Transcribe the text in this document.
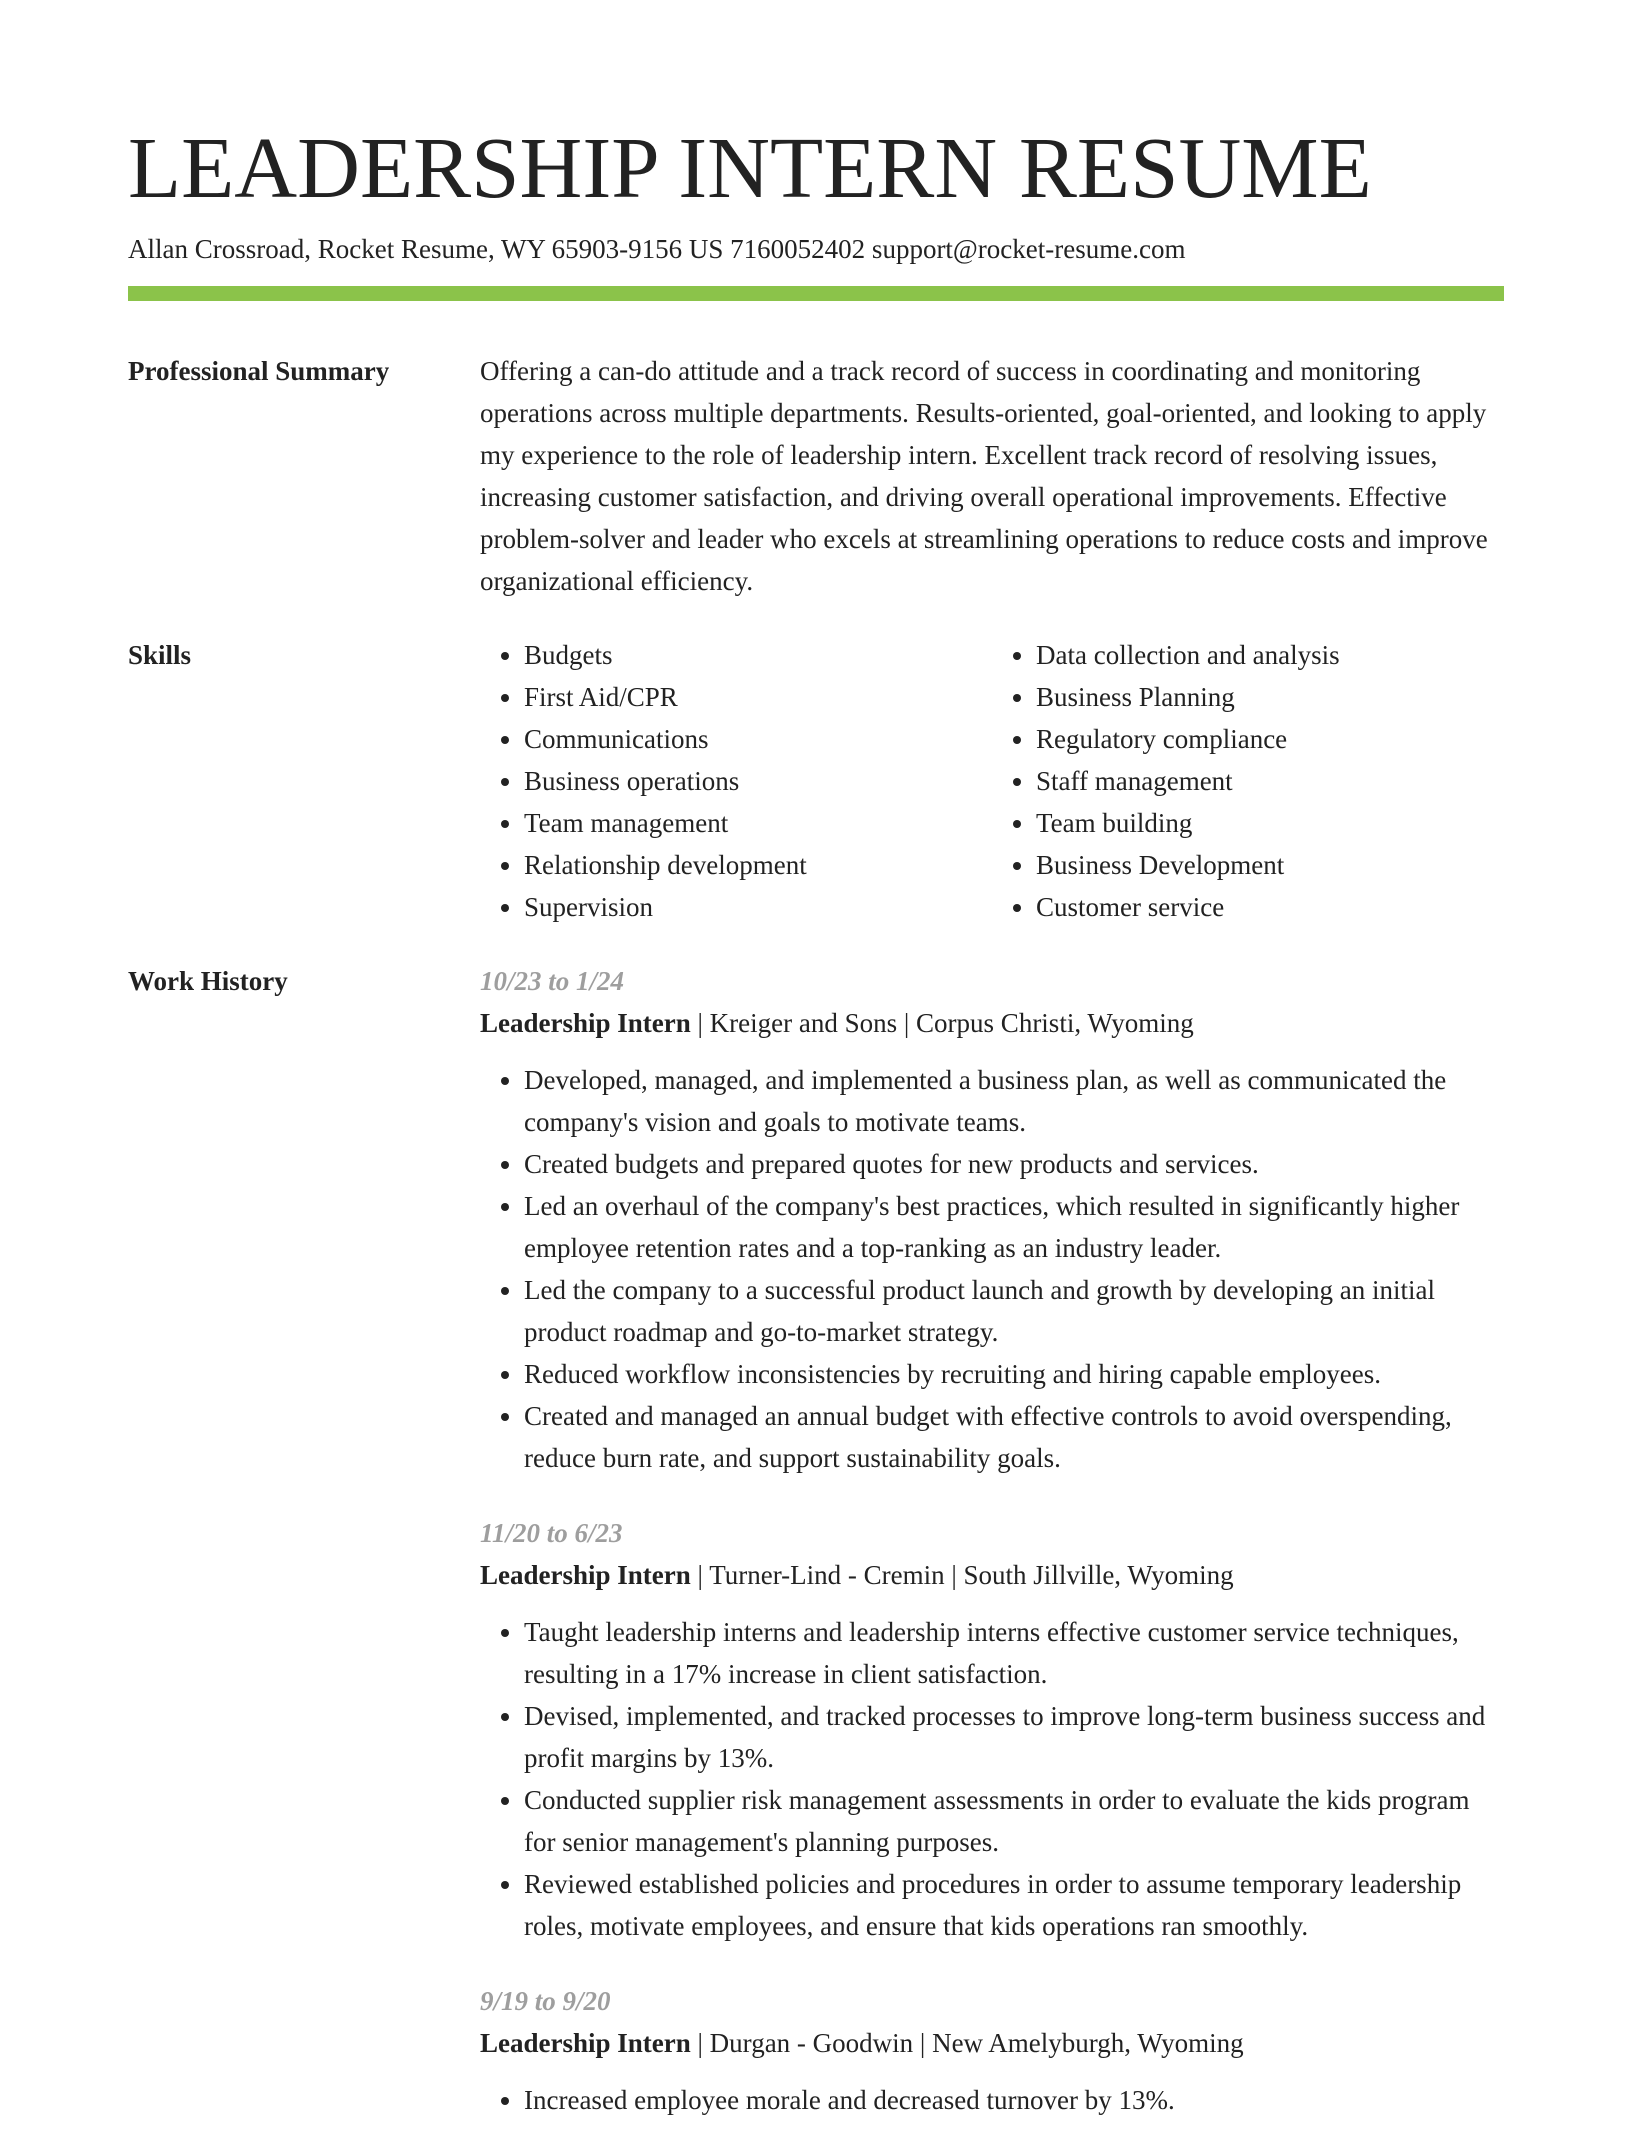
LEADERSHIP INTERN RESUME
Allan Crossroad, Rocket Resume, WY 65903-9156 US 7160052402 support@rocket-resume.com
Professional Summary	Offering a can-do attitude and a track record of success in coordinating and monitoring operations across multiple departments. Results-oriented, goal-oriented, and looking to apply my experience to the role of leadership intern. Excellent track record of resolving issues, increasing customer satisfaction, and driving overall operational improvements. Effective problem-solver and leader who excels at streamlining operations to reduce costs and improve organizational efficiency.

Skills
•	Budgets
• First Aid/CPR
• Communications
• Business operations
• Team management
• Relationship development
• Supervision
• Data collection and analysis
• Business Planning
• Regulatory compliance
• Staff management
• Team building
• Business Development
• Customer service
Work History	10/23 to 1/24
Leadership Intern | Kreiger and Sons | Corpus Christi, Wyoming
• Developed, managed, and implemented a business plan, as well as communicated the company's vision and goals to motivate teams.
• Created budgets and prepared quotes for new products and services.
• Led an overhaul of the company's best practices, which resulted in significantly higher employee retention rates and a top-ranking as an industry leader.
• Led the company to a successful product launch and growth by developing an initial product roadmap and go-to-market strategy.
• Reduced workflow inconsistencies by recruiting and hiring capable employees.
• Created and managed an annual budget with effective controls to avoid overspending, reduce burn rate, and support sustainability goals.
11/20 to 6/23
Leadership Intern | Turner-Lind - Cremin | South Jillville, Wyoming
• Taught leadership interns and leadership interns effective customer service techniques, resulting in a 17% increase in client satisfaction.
• Devised, implemented, and tracked processes to improve long-term business success and profit margins by 13%.
• Conducted supplier risk management assessments in order to evaluate the kids program for senior management's planning purposes.
• Reviewed established policies and procedures in order to assume temporary leadership roles, motivate employees, and ensure that kids operations ran smoothly.
9/19 to 9/20
Leadership Intern | Durgan - Goodwin | New Amelyburgh, Wyoming
• Increased employee morale and decreased turnover by 13%.
